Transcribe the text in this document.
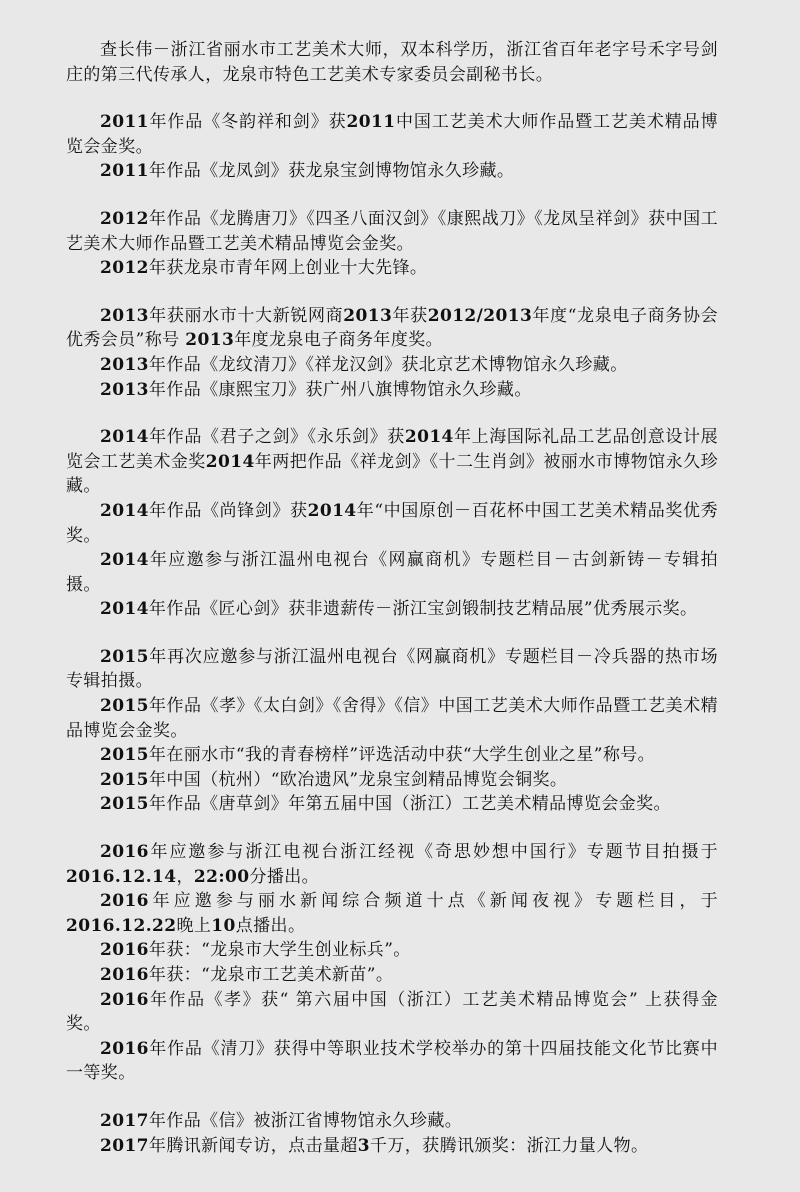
查长伟－浙江省丽水市工艺美术大师，双本科学历，浙江省百年老字号禾字号剑庄的第三代传承人，龙泉市特色工艺美术专家委员会副秘书长。

2011年作品《冬韵祥和剑》获2011中国工艺美术大师作品暨工艺美术精品博览会金奖。

2011年作品《龙凤剑》获龙泉宝剑博物馆永久珍藏。

2012年作品《龙腾唐刀》《四圣八面汉剑》《康熙战刀》《龙凤呈祥剑》获中国工艺美术大师作品暨工艺美术精品博览会金奖。

2012年获龙泉市青年网上创业十大先锋。

2013年获丽水市十大新锐网商2013年获2012/2013年度“龙泉电子商务协会优秀会员”称号 2013年度龙泉电子商务年度奖。

2013年作品《龙纹清刀》《祥龙汉剑》获北京艺术博物馆永久珍藏。

2013年作品《康熙宝刀》获广州八旗博物馆永久珍藏。

2014年作品《君子之剑》《永乐剑》获2014年上海国际礼品工艺品创意设计展览会工艺美术金奖2014年两把作品《祥龙剑》《十二生肖剑》被丽水市博物馆永久珍藏。

2014年作品《尚锋剑》获2014年“中国原创－百花杯中国工艺美术精品奖优秀奖。

2014年应邀参与浙江温州电视台《网赢商机》专题栏目－古剑新铸－专辑拍摄。

2014年作品《匠心剑》获非遗薪传－浙江宝剑锻制技艺精品展”优秀展示奖。

2015年再次应邀参与浙江温州电视台《网赢商机》专题栏目－冷兵器的热市场 专辑拍摄。

2015年作品《孝》《太白剑》《舍得》《信》中国工艺美术大师作品暨工艺美术精品博览会金奖。

2015年在丽水市“我的青春榜样”评选活动中获“大学生创业之星”称号。

2015年中国（杭州）“欧冶遗风”龙泉宝剑精品博览会铜奖。

2015年作品《唐草剑》年第五届中国（浙江）工艺美术精品博览会金奖。

2016年应邀参与浙江电视台浙江经视《奇思妙想中国行》专题节目拍摄于2016.12.14，22:00分播出。

2016年应邀参与丽水新闻综合频道十点《新闻夜视》专题栏目，于2016.12.22晚上10点播出。

2016年获：“龙泉市大学生创业标兵”。

2016年获：“龙泉市工艺美术新苗”。

2016年作品《孝》获“ 第六届中国（浙江）工艺美术精品博览会” 上获得金奖。

2016年作品《清刀》获得中等职业技术学校举办的第十四届技能文化节比赛中一等奖。

2017年作品《信》被浙江省博物馆永久珍藏。

2017年腾讯新闻专访，点击量超3千万，获腾讯颁奖：浙江力量人物。
